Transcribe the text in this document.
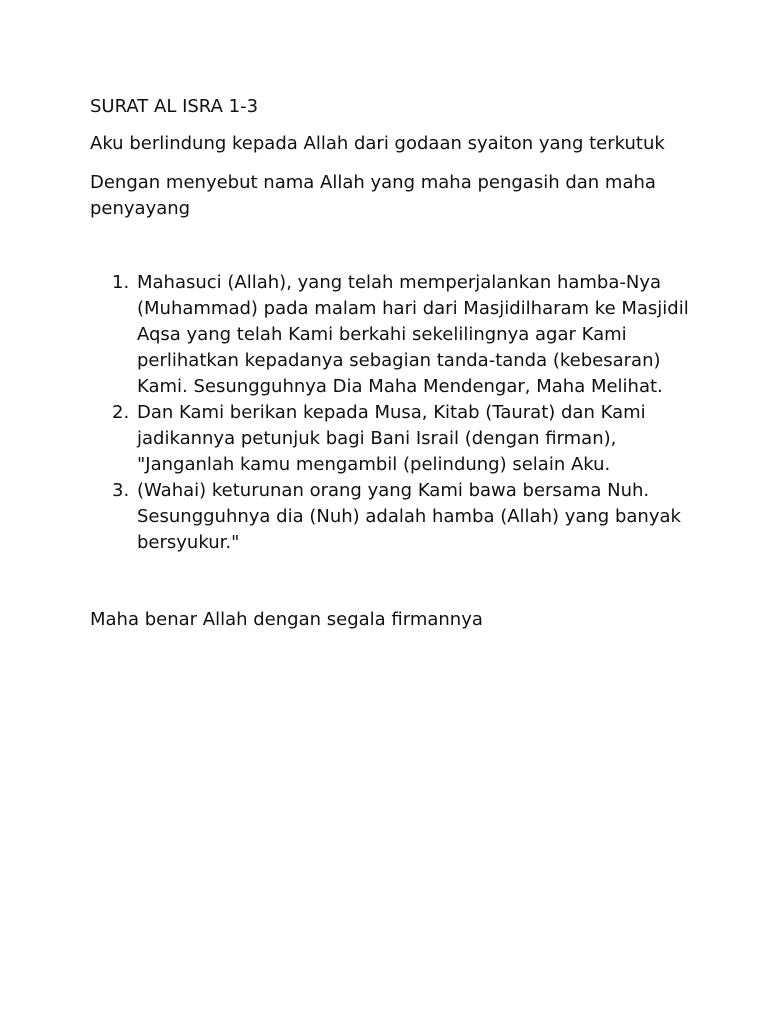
SURAT AL ISRA 1-3

Aku berlindung kepada Allah dari godaan syaiton yang terkutuk

Dengan menyebut nama Allah yang maha pengasih dan maha penyayang

1. Mahasuci (Allah), yang telah memperjalankan hamba-Nya (Muhammad) pada malam hari dari Masjidilharam ke Masjidil Aqsa yang telah Kami berkahi sekelilingnya agar Kami perlihatkan kepadanya sebagian tanda-tanda (kebesaran) Kami. Sesungguhnya Dia Maha Mendengar, Maha Melihat.
2. Dan Kami berikan kepada Musa, Kitab (Taurat) dan Kami jadikannya petunjuk bagi Bani Israil (dengan firman), "Janganlah kamu mengambil (pelindung) selain Aku.
3. (Wahai) keturunan orang yang Kami bawa bersama Nuh. Sesungguhnya dia (Nuh) adalah hamba (Allah) yang banyak bersyukur."

Maha benar Allah dengan segala firmannya
